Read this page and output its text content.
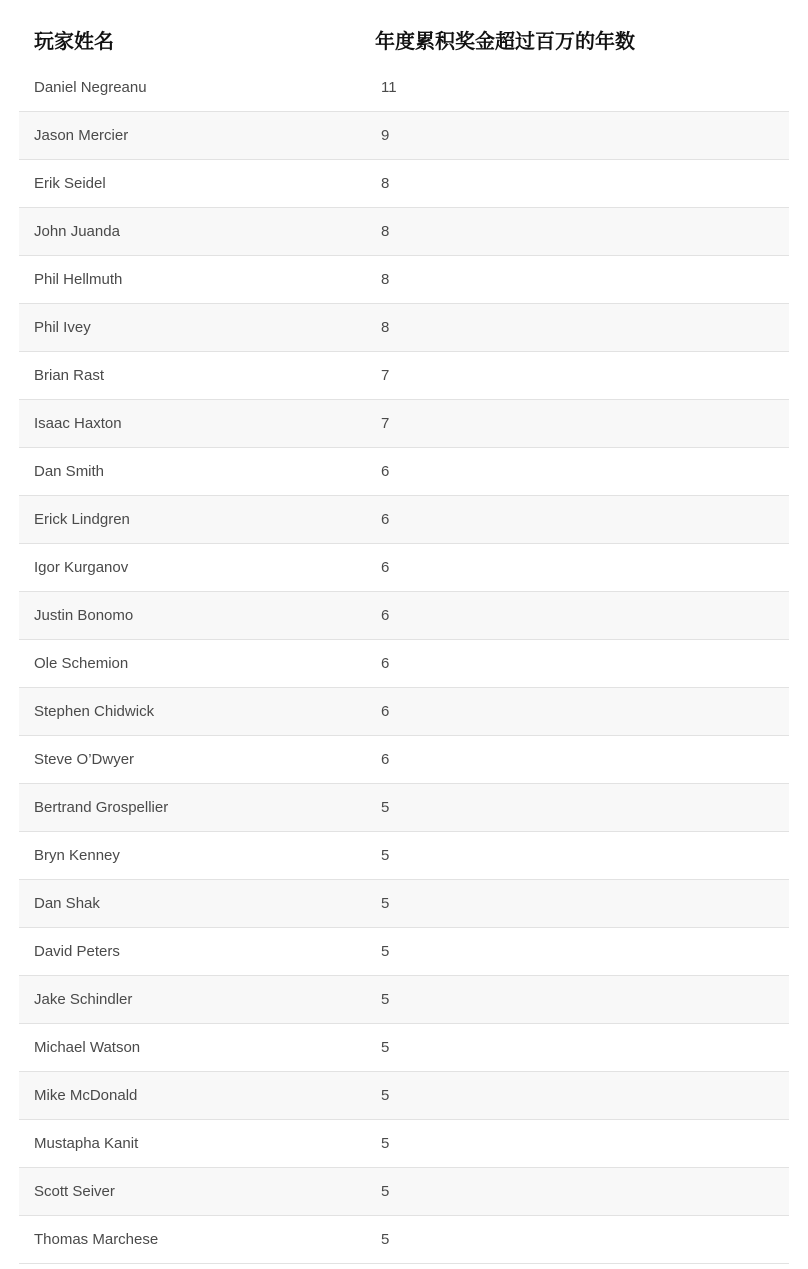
玩家姓名	年度累积奖金超过百万的年数
Daniel Negreanu	11
Jason Mercier	9
Erik Seidel	8
John Juanda	8
Phil Hellmuth	8
Phil Ivey	8
Brian Rast	7
Isaac Haxton	7
Dan Smith	6
Erick Lindgren	6
Igor Kurganov	6
Justin Bonomo	6
Ole Schemion	6
Stephen Chidwick	6
Steve O’Dwyer	6
Bertrand Grospellier	5
Bryn Kenney	5
Dan Shak	5
David Peters	5
Jake Schindler	5
Michael Watson	5
Mike McDonald	5
Mustapha Kanit	5
Scott Seiver	5
Thomas Marchese	5
